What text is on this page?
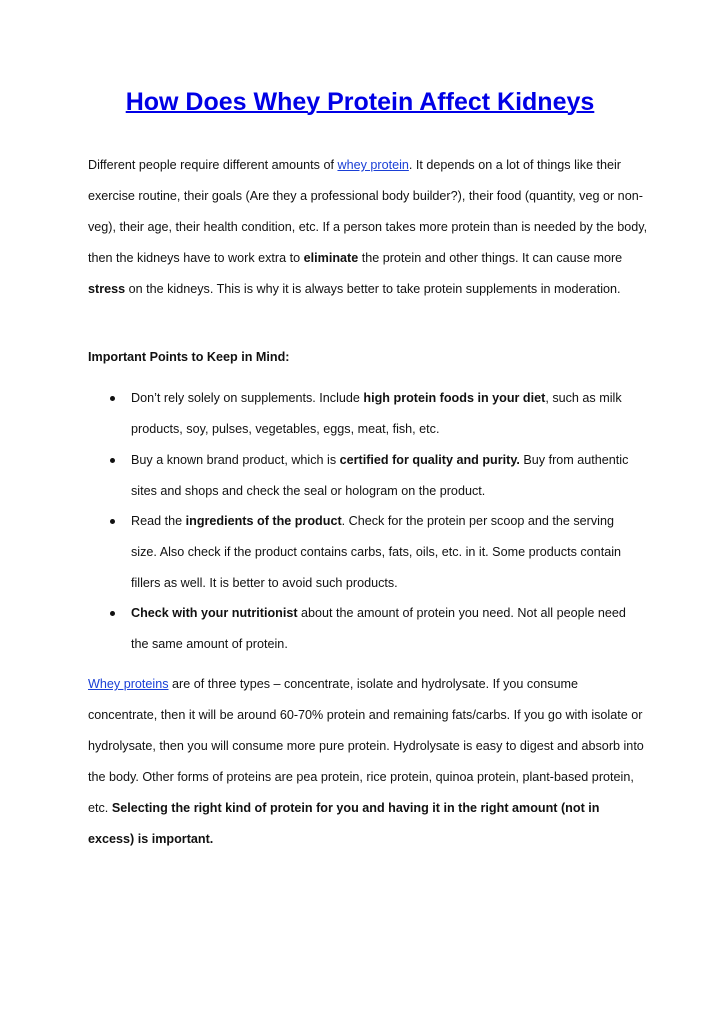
How Does Whey Protein Affect Kidneys

Different people require different amounts of whey protein. It depends on a lot of things like their exercise routine, their goals (Are they a professional body builder?), their food (quantity, veg or non-veg), their age, their health condition, etc. If a person takes more protein than is needed by the body, then the kidneys have to work extra to eliminate the protein and other things. It can cause more stress on the kidneys. This is why it is always better to take protein supplements in moderation.

Important Points to Keep in Mind:

Don’t rely solely on supplements. Include high protein foods in your diet, such as milk products, soy, pulses, vegetables, eggs, meat, fish, etc.

Buy a known brand product, which is certified for quality and purity. Buy from authentic sites and shops and check the seal or hologram on the product.

Read the ingredients of the product. Check for the protein per scoop and the serving size. Also check if the product contains carbs, fats, oils, etc. in it. Some products contain fillers as well. It is better to avoid such products.

Check with your nutritionist about the amount of protein you need. Not all people need the same amount of protein.

Whey proteins are of three types – concentrate, isolate and hydrolysate. If you consume concentrate, then it will be around 60-70% protein and remaining fats/carbs. If you go with isolate or hydrolysate, then you will consume more pure protein. Hydrolysate is easy to digest and absorb into the body. Other forms of proteins are pea protein, rice protein, quinoa protein, plant-based protein, etc. Selecting the right kind of protein for you and having it in the right amount (not in excess) is important.
